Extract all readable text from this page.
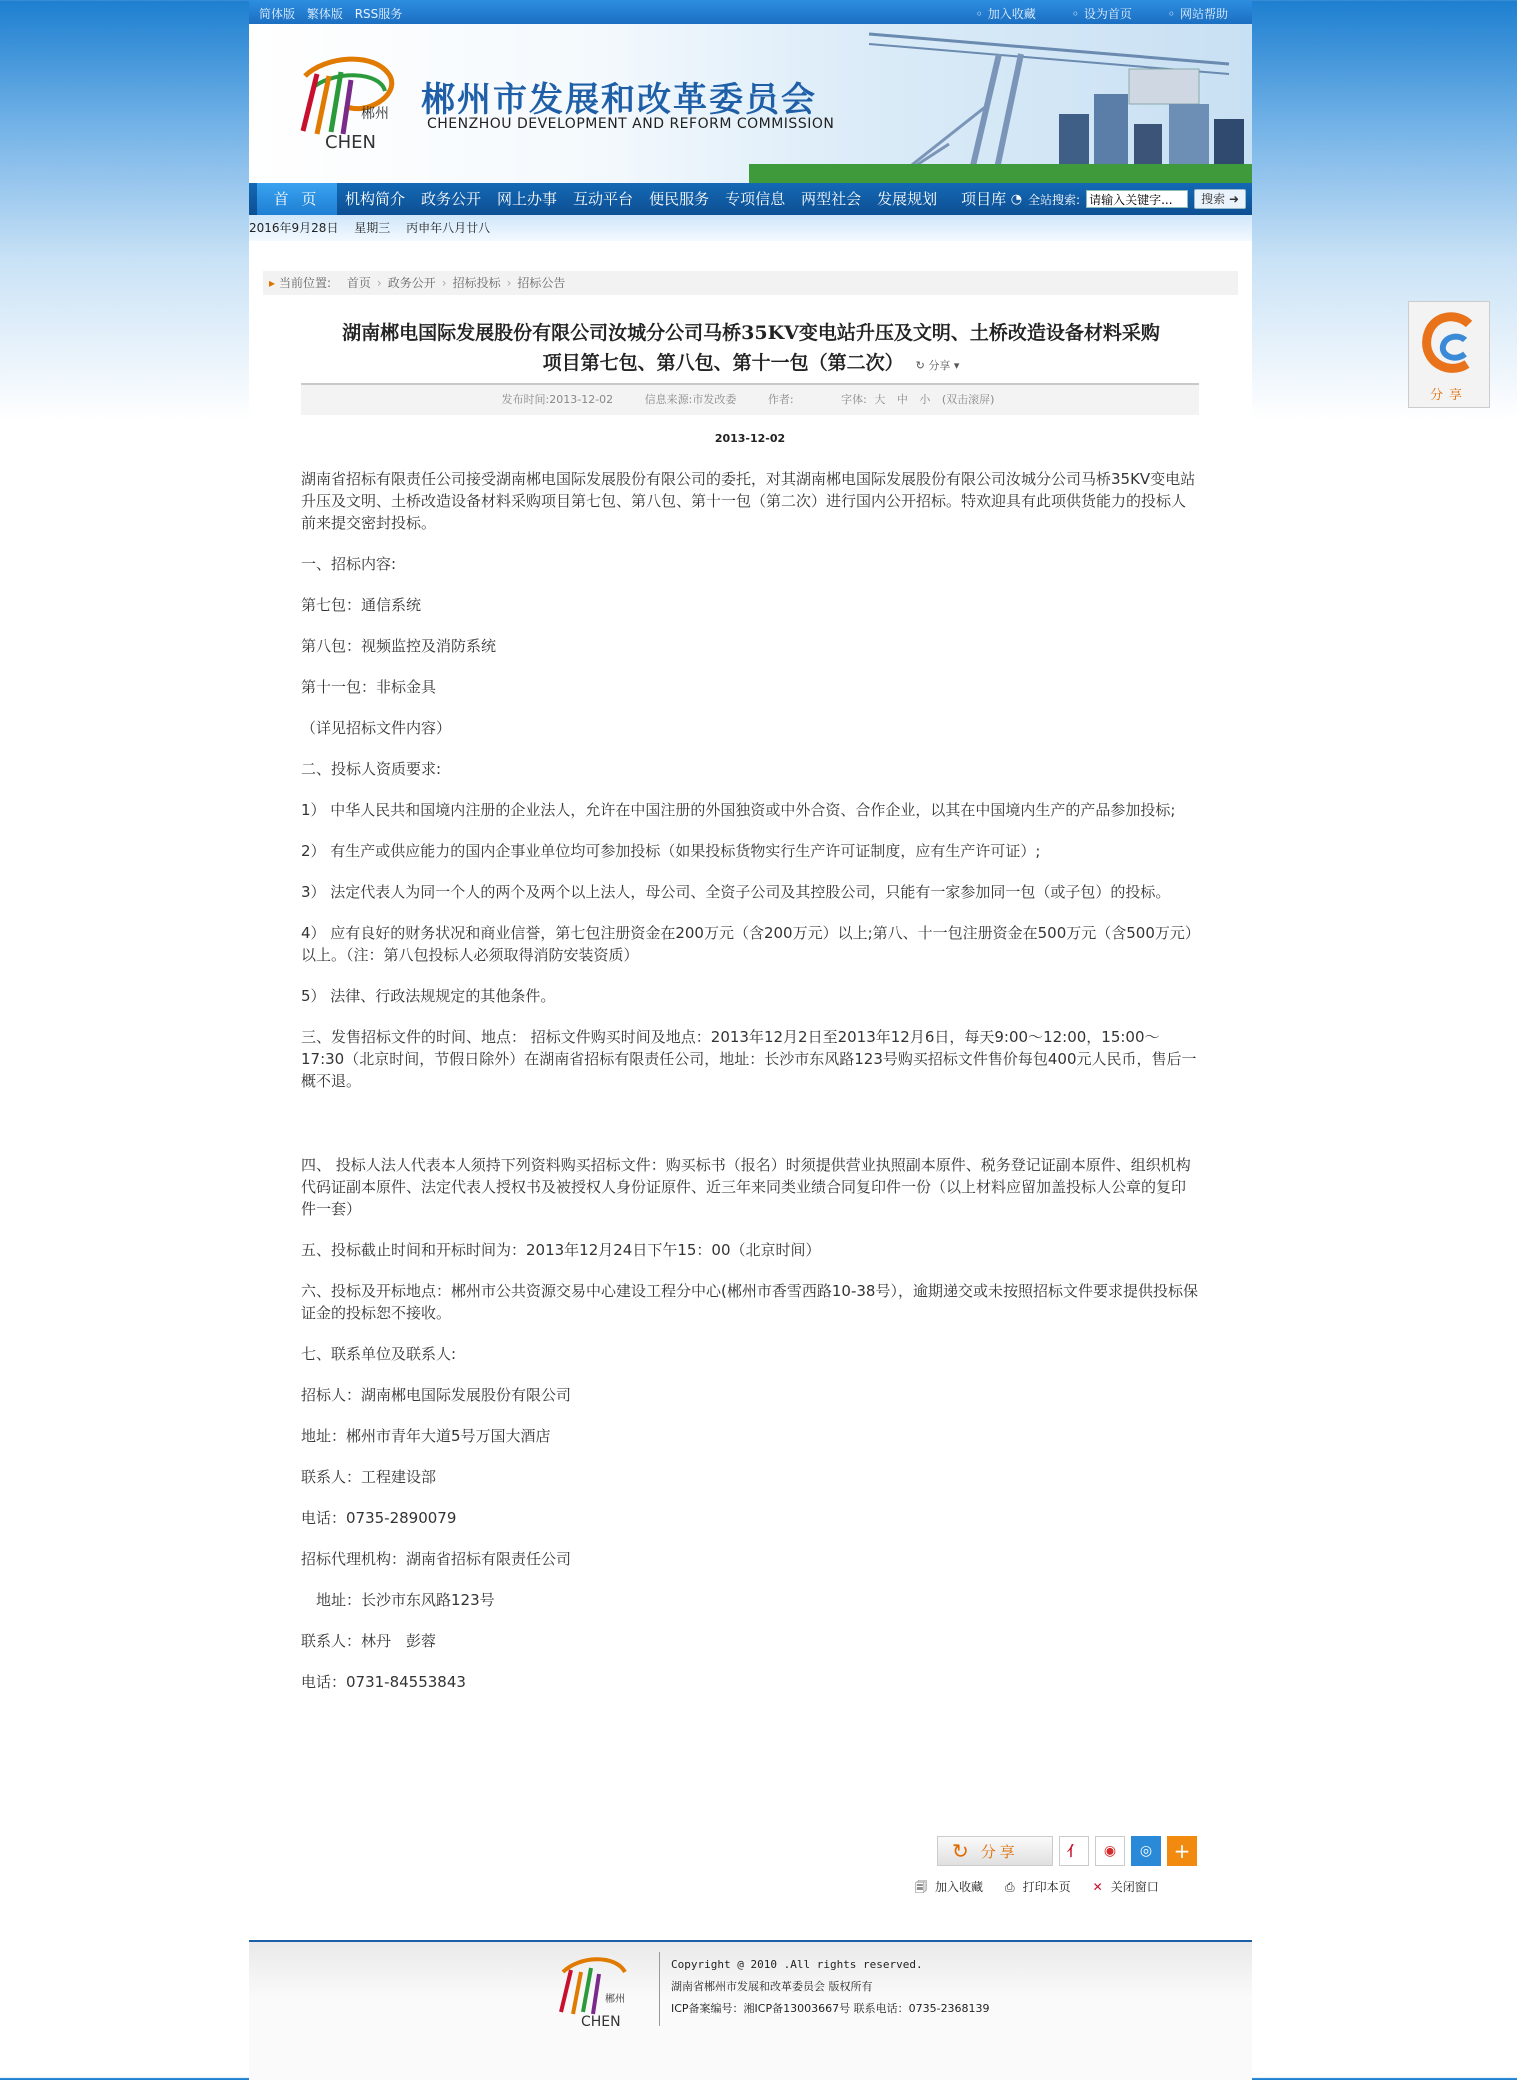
简体版 繁体版 RSS服务	◦ 加入收藏	◦ 设为首页	◦ 网站帮助
郴州
CHEN
郴州市发展和改革委员会
CHENZHOU DEVELOPMENT AND REFORM COMMISSION
首 页	机构简介	政务公开	网上办事	互动平台	便民服务	专项信息	两型社会	发展规划	项目库 ◔ 全站搜索:
请输入关键字...	搜索 ➜
2016年9月28日 星期三 丙申年八月廿八
▸ 当前位置: 首页 › 政务公开 › 招标投标 › 招标公告
湖南郴电国际发展股份有限公司汝城分公司马桥35KV变电站升压及文明、土桥改造设备材料采购
项目第七包、第八包、第十一包（第二次） ↻ 分享 ▾
发布时间:2013-12-02	信息来源:市发改委	作者:	字体: 大 中 小 (双击滚屏)
2013-12-02

湖南省招标有限责任公司接受湖南郴电国际发展股份有限公司的委托，对其湖南郴电国际发展股份有限公司汝城分公司马桥35KV变电站升压及文明、土桥改造设备材料采购项目第七包、第八包、第十一包（第二次）进行国内公开招标。特欢迎具有此项供货能力的投标人前来提交密封投标。

一、招标内容:

第七包：通信系统

第八包：视频监控及消防系统

第十一包：非标金具

（详见招标文件内容）

二、投标人资质要求:

1） 中华人民共和国境内注册的企业法人，允许在中国注册的外国独资或中外合资、合作企业，以其在中国境内生产的产品参加投标;

2） 有生产或供应能力的国内企事业单位均可参加投标（如果投标货物实行生产许可证制度，应有生产许可证）;

3） 法定代表人为同一个人的两个及两个以上法人，母公司、全资子公司及其控股公司，只能有一家参加同一包（或子包）的投标。

4） 应有良好的财务状况和商业信誉，第七包注册资金在200万元（含200万元）以上;第八、十一包注册资金在500万元（含500万元）以上。（注：第八包投标人必须取得消防安装资质）

5） 法律、行政法规规定的其他条件。

三、发售招标文件的时间、地点： 招标文件购买时间及地点：2013年12月2日至2013年12月6日，每天9:00～12:00，15:00～17:30（北京时间，节假日除外）在湖南省招标有限责任公司，地址：长沙市东风路123号购买招标文件售价每包400元人民币，售后一概不退。

四、 投标人法人代表本人须持下列资料购买招标文件：购买标书（报名）时须提供营业执照副本原件、税务登记证副本原件、组织机构代码证副本原件、法定代表人授权书及被授权人身份证原件、近三年来同类业绩合同复印件一份（以上材料应留加盖投标人公章的复印件一套）

五、投标截止时间和开标时间为：2013年12月24日下午15：00（北京时间）

六、投标及开标地点：郴州市公共资源交易中心建设工程分中心(郴州市香雪西路10-38号），逾期递交或未按照招标文件要求提供投标保证金的投标恕不接收。

七、联系单位及联系人:

招标人：湖南郴电国际发展股份有限公司

地址：郴州市青年大道5号万国大酒店

联系人：工程建设部

电话：0735-2890079

招标代理机构：湖南省招标有限责任公司

　地址：长沙市东风路123号

联系人：林丹　彭蓉

电话：0731-84553843

↻ 分享	⺅	◉	◎	+
🗐 加入收藏 ⎙ 打印本页 ✕ 关闭窗口
郴州
CHEN
Copyright @ 2010 .All rights reserved.
湖南省郴州市发展和改革委员会 版权所有
ICP备案编号：湘ICP备13003667号 联系电话：0735-2368139
分享
